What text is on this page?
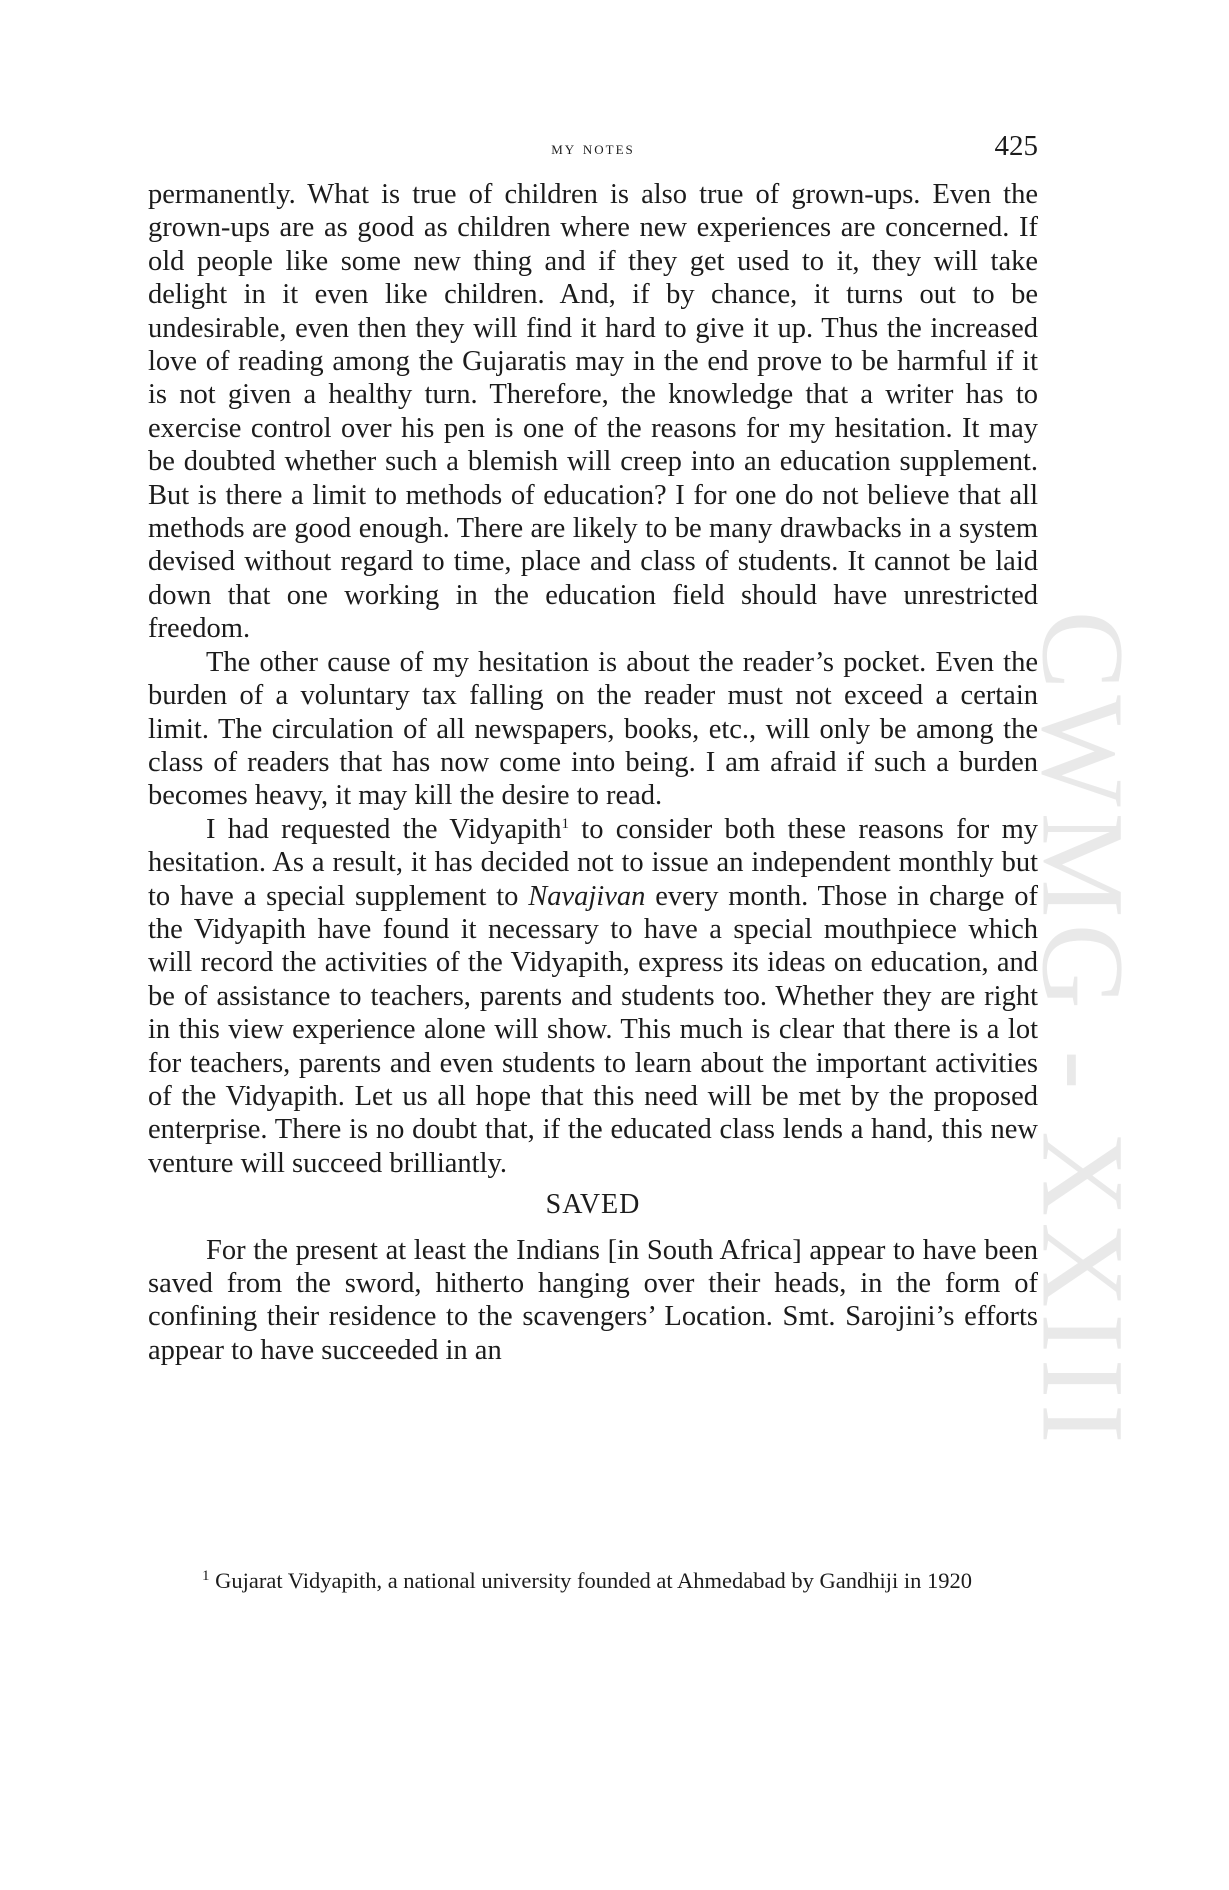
CWMG - XXIII
my notes	425

permanently. What is true of children is also true of grown-ups. Even the grown-ups are as good as children where new experiences are concerned. If old people like some new thing and if they get used to it, they will take delight in it even like children. And, if by chance, it turns out to be undesirable, even then they will find it hard to give it up. Thus the increased love of reading among the Gujaratis may in the end prove to be harmful if it is not given a healthy turn. Therefore, the knowledge that a writer has to exercise control over his pen is one of the reasons for my hesitation. It may be doubted whether such a blemish will creep into an education supplement. But is there a limit to methods of education? I for one do not believe that all methods are good enough. There are likely to be many drawbacks in a system devised without regard to time, place and class of students. It cannot be laid down that one working in the education field should have unrestricted freedom.

The other cause of my hesitation is about the reader’s pocket. Even the burden of a voluntary tax falling on the reader must not exceed a certain limit. The circulation of all newspapers, books, etc., will only be among the class of readers that has now come into being. I am afraid if such a burden becomes heavy, it may kill the desire to read.

I had requested the Vidyapith$^1$ to consider both these reasons for my hesitation. As a result, it has decided not to issue an independent monthly but to have a special supplement to Navajivan every month. Those in charge of the Vidyapith have found it necessary to have a special mouthpiece which will record the activities of the Vidyapith, express its ideas on education, and be of assistance to teachers, parents and students too. Whether they are right in this view experience alone will show. This much is clear that there is a lot for teachers, parents and even students to learn about the important activities of the Vidyapith. Let us all hope that this need will be met by the proposed enterprise. There is no doubt that, if the educated class lends a hand, this new venture will succeed brilliantly.

SAVED

For the present at least the Indians [in South Africa] appear to have been saved from the sword, hitherto hanging over their heads, in the form of confining their residence to the scavengers’ Location. Smt. Sarojini’s efforts appear to have succeeded in an

$^1$ Gujarat Vidyapith, a national university founded at Ahmedabad by Gandhiji in 1920
